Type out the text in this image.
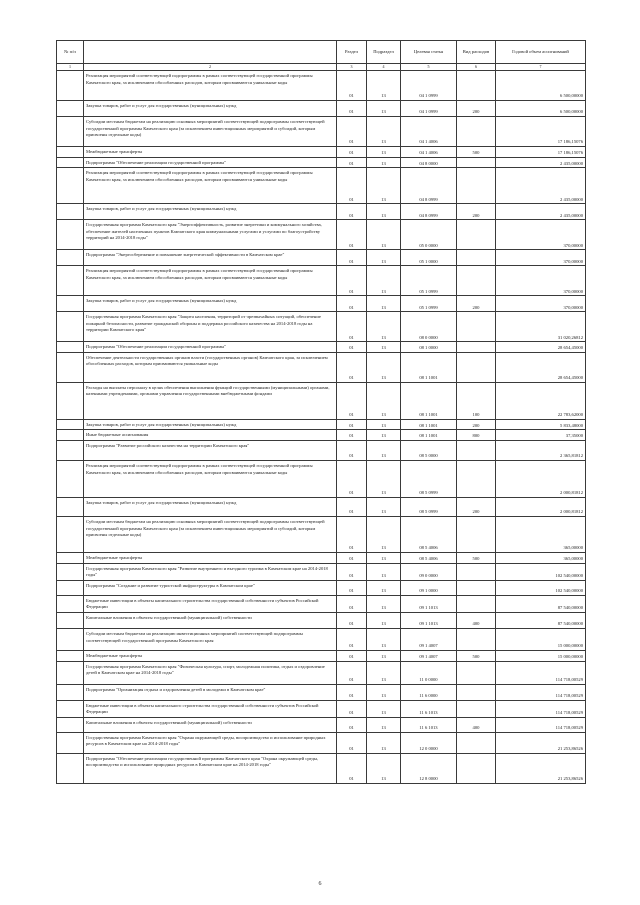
№ п/п		Раздел	Подраздел	Целевая статья	Вид расходов	Годовой объем ассигнований
1	2	3	4	5	6	7
	Реализация мероприятий соответствующей подпрограммы в рамках соответствующей государственной программы Камчатского края, за исключением обособленных расходов, которым присваиваются уникальные коды	01	13	04 1 0999		6 500,00000
	Закупка товаров, работ и услуг для государственных (муниципальных) нужд	01	13	04 1 0999	200	6 500,00000
	Субсидии местным бюджетам на реализацию основных мероприятий соответствующей подпрограммы соответствующей государственной программы Камчатского края (за исключением инвестиционных мероприятий и субсидий, которым присвоены отдельные коды)	01	13	04 1 4006		17 186,15076
	Межбюджетные трансферты	01	13	04 1 4006	500	17 186,15076
	Подпрограмма "Обеспечение реализации государственной программы"	01	13	04 8 0000		2 435,00000
	Реализация мероприятий соответствующей подпрограммы в рамках соответствующей государственной программы Камчатского края, за исключением обособленных расходов, которым присваиваются уникальные коды	01	13	04 8 0999		2 435,00000
	Закупка товаров, работ и услуг для государственных (муниципальных) нужд	01	13	04 8 0999	200	2 435,00000
	Государственная программа Камчатского края "Энергоэффективность, развитие энергетики и коммунального хозяйства, обеспечение жителей населенных пунктов Камчатского края коммунальными услугами и услугами по благоустройству территорий на 2014-2018 годы"	01	13	05 0 0000		370,00000
	Подпрограмма "Энергосбережение и повышение энергетической эффективности в Камчатском крае"	01	13	05 1 0000		370,00000
	Реализация мероприятий соответствующей подпрограммы в рамках соответствующей государственной программы Камчатского края, за исключением обособленных расходов, которым присваиваются уникальные коды	01	13	05 1 0999		370,00000
	Закупка товаров, работ и услуг для государственных (муниципальных) нужд	01	13	05 1 0999	200	370,00000
	Государственная программа Камчатского края "Защита населения, территорий от чрезвычайных ситуаций, обеспечение пожарной безопасности, развитие гражданской обороны и поддержка российского казачества на 2014-2018 годы на территории Камчатского края"	01	13	08 0 0000		31 020,26812
	Подпрограмма "Обеспечение реализации государственной программы"	01	13	08 1 0000		28 654,45000
	Обеспечение деятельности государственных органов власти (государственных органов) Камчатского края, за исключением обособленных расходов, которым присваиваются уникальные коды	01	13	08 1 1001		28 654,45000
	Расходы на выплаты персоналу в целях обеспечения выполнения функций государственными (муниципальными) органами, казенными учреждениями, органами управления государственными внебюджетными фондами	01	13	08 1 1001	100	22 783,62000
	Закупка товаров, работ и услуг для государственных (муниципальных) нужд	01	13	08 1 1001	200	5 833,48000
	Иные бюджетные ассигнования	01	13	08 1 1001	800	37,35000
	Подпрограмма "Развитие российского казачества на территории Камчатского края"	01	13	08 5 0000		2 365,81812
	Реализация мероприятий соответствующей подпрограммы в рамках соответствующей государственной программы Камчатского края, за исключением обособленных расходов, которым присваиваются уникальные коды	01	13	08 5 0999		2 000,81812
	Закупка товаров, работ и услуг для государственных (муниципальных) нужд	01	13	08 5 0999	200	2 000,81812
	Субсидии местным бюджетам на реализацию основных мероприятий соответствующей подпрограммы соответствующей государственной программы Камчатского края (за исключением инвестиционных мероприятий и субсидий, которым присвоены отдельные коды)	01	13	08 5 4006		365,00000
	Межбюджетные трансферты	01	13	08 5 4006	500	365,00000
	Государственная программа Камчатского края "Развитие внутреннего и въездного туризма в Камчатском крае на 2014-2018 годы"	01	13	09 0 0000		102 540,00000
	Подпрограмма "Создание и развитие туристской инфраструктуры в Камчатском крае"	01	13	09 1 0000		102 540,00000
	Бюджетные инвестиции в объекты капитального строительства государственной собственности субъектов Российской Федерации	01	13	09 1 1013		87 540,00000
	Капитальные вложения в объекты государственной (муниципальной) собственности	01	13	09 1 1013	400	87 540,00000
	Субсидии местным бюджетам на реализацию инвестиционных мероприятий соответствующей подпрограммы соответствующей государственной программы Камчатского края	01	13	09 1 4007		15 000,00000
	Межбюджетные трансферты	01	13	09 1 4007	500	15 000,00000
	Государственная программа Камчатского края "Физическая культура, спорт, молодежная политика, отдых и оздоровление детей в Камчатском крае на 2014-2018 годы"	01	13	11 0 0000		114 718,00529
	Подпрограмма "Организация отдыха и оздоровления детей в молодежи в Камчатском крае"	01	13	11 6 0000		114 718,00529
	Бюджетные инвестиции в объекты капитального строительства государственной собственности субъектов Российской Федерации	01	13	11 6 1013		114 718,00529
	Капитальные вложения в объекты государственной (муниципальной) собственности	01	13	11 6 1013	400	114 718,00529
	Государственная программа Камчатского края "Охрана окружающей среды, воспроизводство и использование природных ресурсов в Камчатском крае на 2014-2018 годы"	01	13	12 0 0000		21 253,86526
	Подпрограмма "Обеспечение реализации государственной программы Камчатского края "Охрана окружающей среды, воспроизводство и использование природных ресурсов в Камчатском крае на 2014-2018 годы"	01	13	12 8 0000		21 253,86526
6
